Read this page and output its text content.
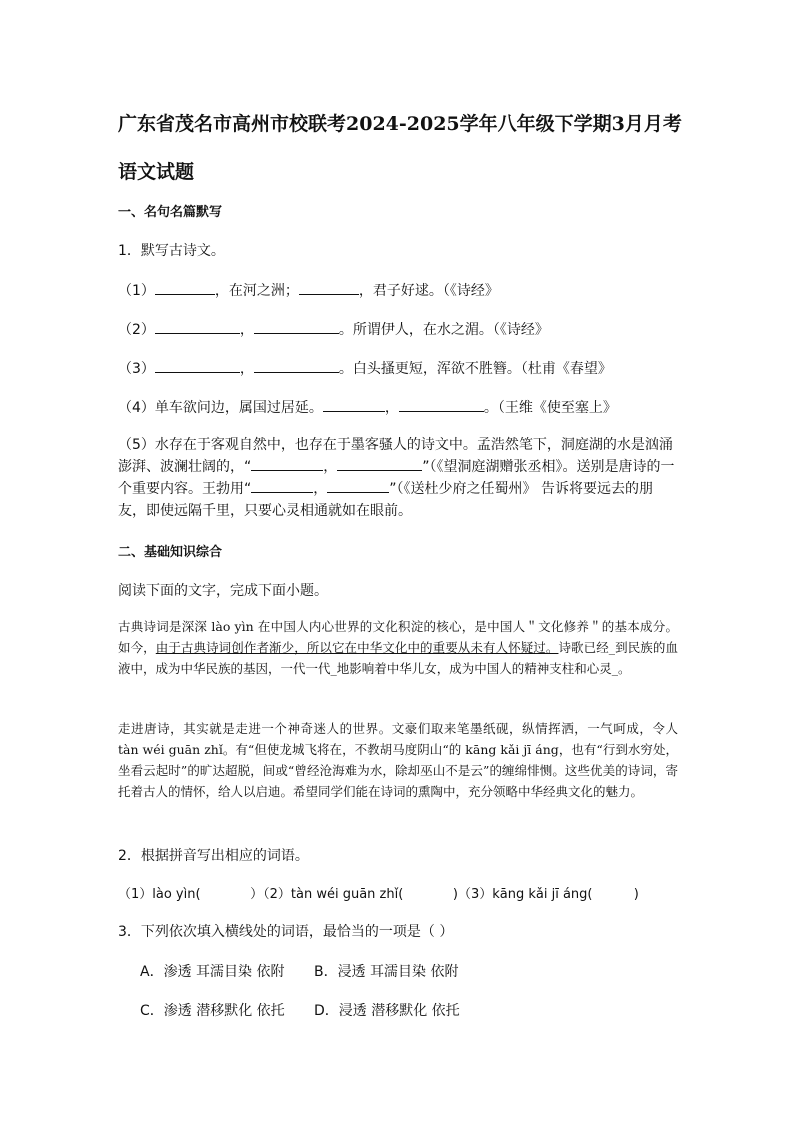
广东省茂名市高州市校联考2024-2025学年八年级下学期3月月考语文试题
一、名句名篇默写
1．默写古诗文。
（1）	，在河之洲；	，君子好逑。（《诗经》
（2）	，	。所谓伊人，在水之湄。（《诗经》
（3）	，	。白头搔更短，浑欲不胜簪。（杜甫《春望》
（4）单车欲问边，属国过居延。	，	。（王维《使至塞上》
（5）水存在于客观自然中，也存在于墨客骚人的诗文中。孟浩然笔下，洞庭湖的水是汹涌澎湃、波澜壮阔的，“	，	”（《望洞庭湖赠张丞相》。送别是唐诗的一个重要内容。王勃用“	，	”（《送杜少府之任蜀州》 告诉将要远去的朋友，即使远隔千里，只要心灵相通就如在眼前。
二、基础知识综合
阅读下面的文字，完成下面小题。
古典诗词是深深 lào yìn 在中国人内心世界的文化积淀的核心，是中国人＂文化修养＂的基本成分。如今，由于古典诗词创作者渐少，所以它在中华文化中的重要从未有人怀疑过。诗歌已经_到民族的血液中，成为中华民族的基因，一代一代_地影响着中华儿女，成为中国人的精神支柱和心灵_。
走进唐诗，其实就是走进一个神奇迷人的世界。文豪们取来笔墨纸砚，纵情挥洒，一气呵成，令人 tàn wéi guān zhǐ。有“但使龙城飞将在，不教胡马度阴山“的 kāng kǎi jī áng，也有“行到水穷处，坐看云起时”的旷达超脱，间或“曾经沧海难为水，除却巫山不是云”的缠绵悱恻。这些优美的诗词，寄托着古人的情怀，给人以启迪。希望同学们能在诗词的熏陶中，充分领略中华经典文化的魅力。
2．根据拼音写出相应的词语。
（1）lào yìn(            ）（2）tàn wéi guān zhǐ(            )（3）kāng kǎi jī áng(          )
3．下列依次填入横线处的词语，最恰当的一项是（ ）
A．渗透 耳濡目染 依附 B．浸透 耳濡目染 依附
C．渗透 潜移默化 依托 D．浸透 潜移默化 依托
